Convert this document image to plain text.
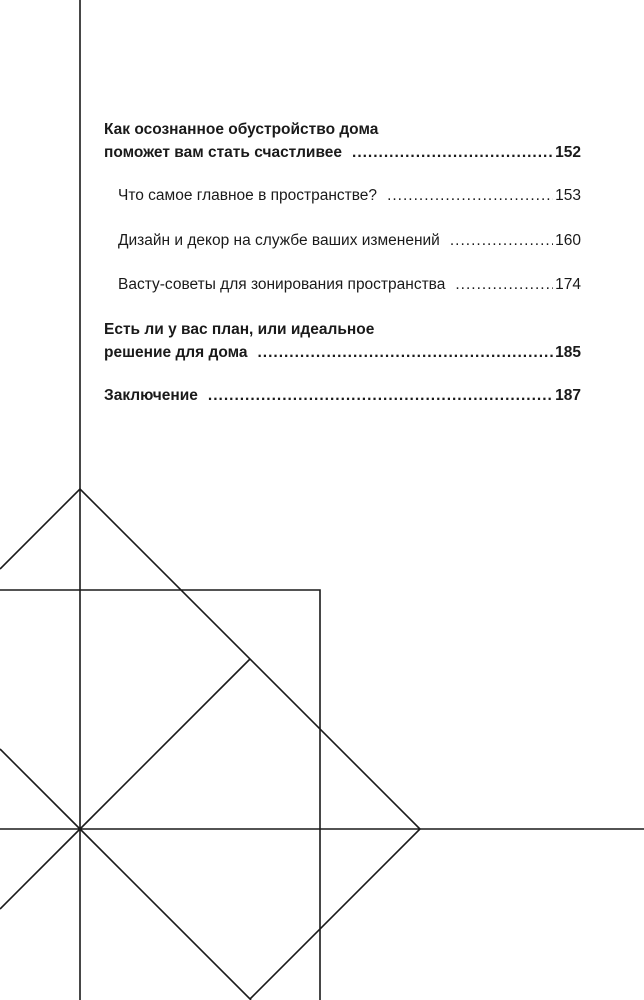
Как осознанное обустройство дома
поможет вам стать счастливее .....	152
Что самое главное в пространстве? .....	153
Дизайн и декор на службе ваших изменений .....	160
Васту-советы для зонирования пространства .....	174
Есть ли у вас план, или идеальное
решение для дома .....	185
Заключение .....	187
